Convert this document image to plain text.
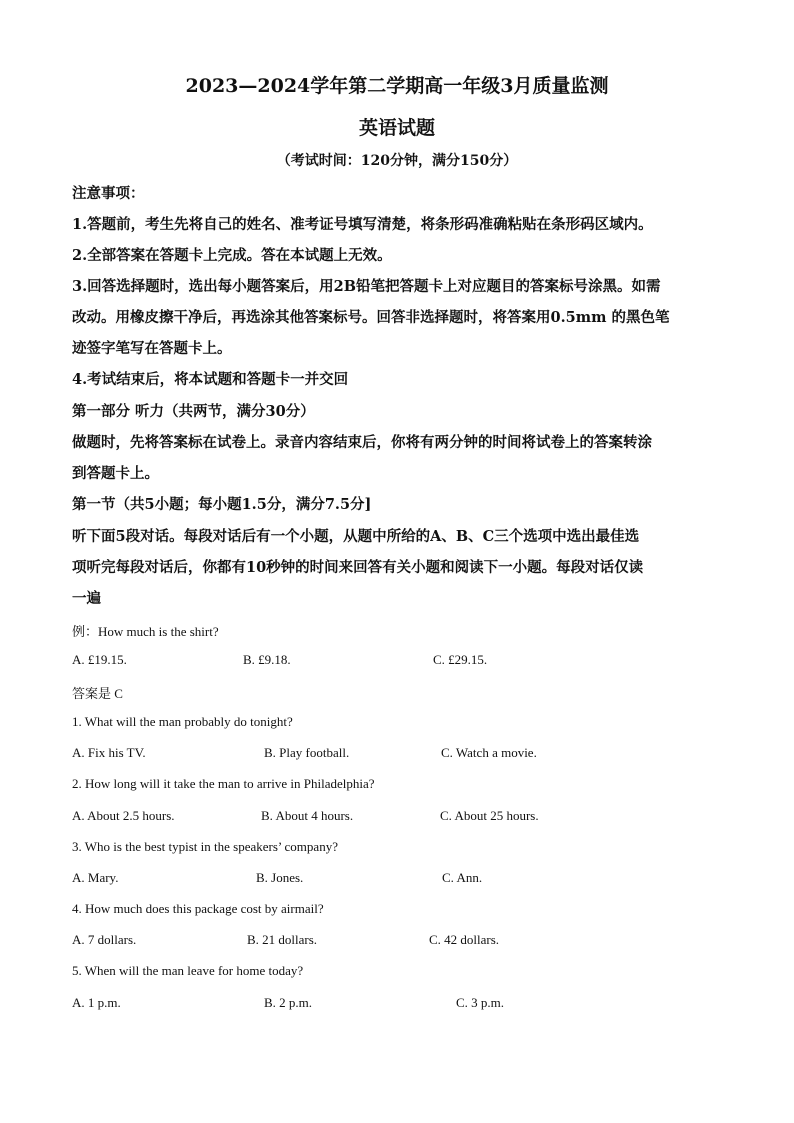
2023—2024学年第二学期高一年级3月质量监测
英语试题
（考试时间：120分钟，满分150分）
注意事项：
1.答题前，考生先将自己的姓名、准考证号填写清楚，将条形码准确粘贴在条形码区域内。
2.全部答案在答题卡上完成。答在本试题上无效。
3.回答选择题时，选出每小题答案后，用2B铅笔把答题卡上对应题目的答案标号涂黑。如需
改动。用橡皮擦干净后，再选涂其他答案标号。回答非选择题时，将答案用0.5mm 的黑色笔
迹签字笔写在答题卡上。
4.考试结束后，将本试题和答题卡一并交回
第一部分 听力（共两节，满分30分）
做题时，先将答案标在试卷上。录音内容结束后，你将有两分钟的时间将试卷上的答案转涂
到答题卡上。
第一节（共5小题；每小题1.5分，满分7.5分]
听下面5段对话。每段对话后有一个小题，从题中所给的A、B、C三个选项中选出最佳选
项听完每段对话后，你都有10秒钟的时间来回答有关小题和阅读下一小题。每段对话仅读
一遍
例：How much is the shirt?
A. £19.15.	B. £9.18.	C. £29.15.
答案是 C
1. What will the man probably do tonight?
A. Fix his TV.	B. Play football.	C. Watch a movie.
2. How long will it take the man to arrive in Philadelphia?
A. About 2.5 hours.	B. About 4 hours.	C. About 25 hours.
3. Who is the best typist in the speakers’ company?
A. Mary.	B. Jones.	C. Ann.
4. How much does this package cost by airmail?
A. 7 dollars.	B. 21 dollars.	C. 42 dollars.
5. When will the man leave for home today?
A. 1 p.m.	B. 2 p.m.	C. 3 p.m.
